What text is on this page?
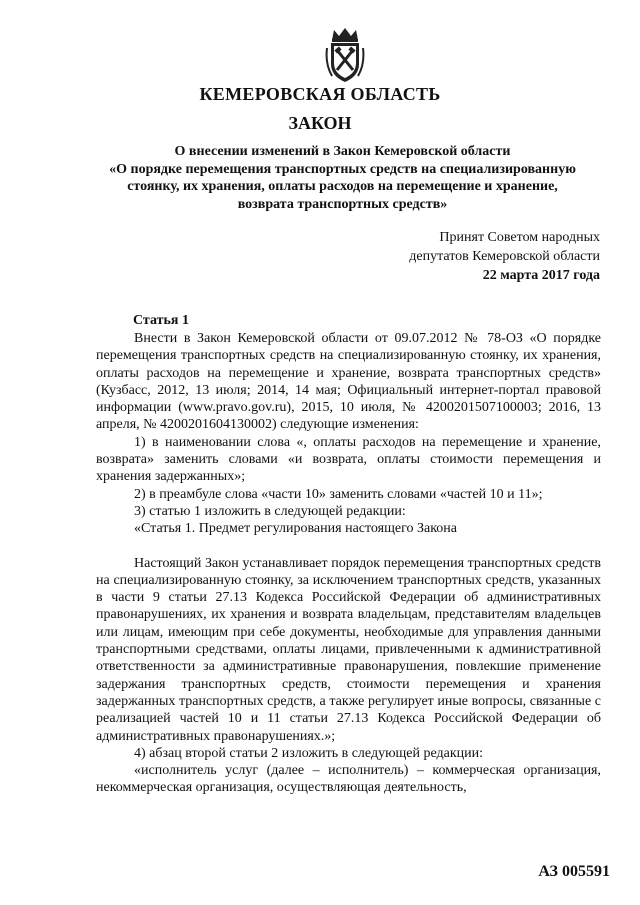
КЕМЕРОВСКАЯ ОБЛАСТЬ
ЗАКОН
О внесении изменений в Закон Кемеровской области
«О порядке перемещения транспортных средств на специализированную
стоянку, их хранения, оплаты расходов на перемещение и хранение,
возврата транспортных средств»
Принят Советом народных
депутатов Кемеровской области
22 марта 2017 года
Статья 1

Внести в Закон Кемеровской области от 09.07.2012 № 78-ОЗ «О порядке перемещения транспортных средств на специализированную стоянку, их хранения, оплаты расходов на перемещение и хранение, возврата транспортных средств» (Кузбасс, 2012, 13 июля; 2014, 14 мая; Официальный интернет-портал правовой информации (www.pravo.gov.ru), 2015, 10 июля, № 4200201507100003; 2016, 13 апреля, № 4200201604130002) следующие изменения:

1) в наименовании слова «, оплаты расходов на перемещение и хранение, возврата» заменить словами «и возврата, оплаты стоимости перемещения и хранения задержанных»;

2) в преамбуле слова «части 10» заменить словами «частей 10 и 11»;

3) статью 1 изложить в следующей редакции:

«Статья 1. Предмет регулирования настоящего Закона

Настоящий Закон устанавливает порядок перемещения транспортных средств на специализированную стоянку, за исключением транспортных средств, указанных в части 9 статьи 27.13 Кодекса Российской Федерации об административных правонарушениях, их хранения и возврата владельцам, представителям владельцев или лицам, имеющим при себе документы, необходимые для управления данными транспортными средствами, оплаты лицами, привлеченными к административной ответственности за административные правонарушения, повлекшие применение задержания транспортных средств, стоимости перемещения и хранения задержанных транспортных средств, а также регулирует иные вопросы, связанные с реализацией частей 10 и 11 статьи 27.13 Кодекса Российской Федерации об административных правонарушениях.»;

4) абзац второй статьи 2 изложить в следующей редакции:

«исполнитель услуг (далее – исполнитель) – коммерческая организация, некоммерческая организация, осуществляющая деятельность,

АЗ 005591
